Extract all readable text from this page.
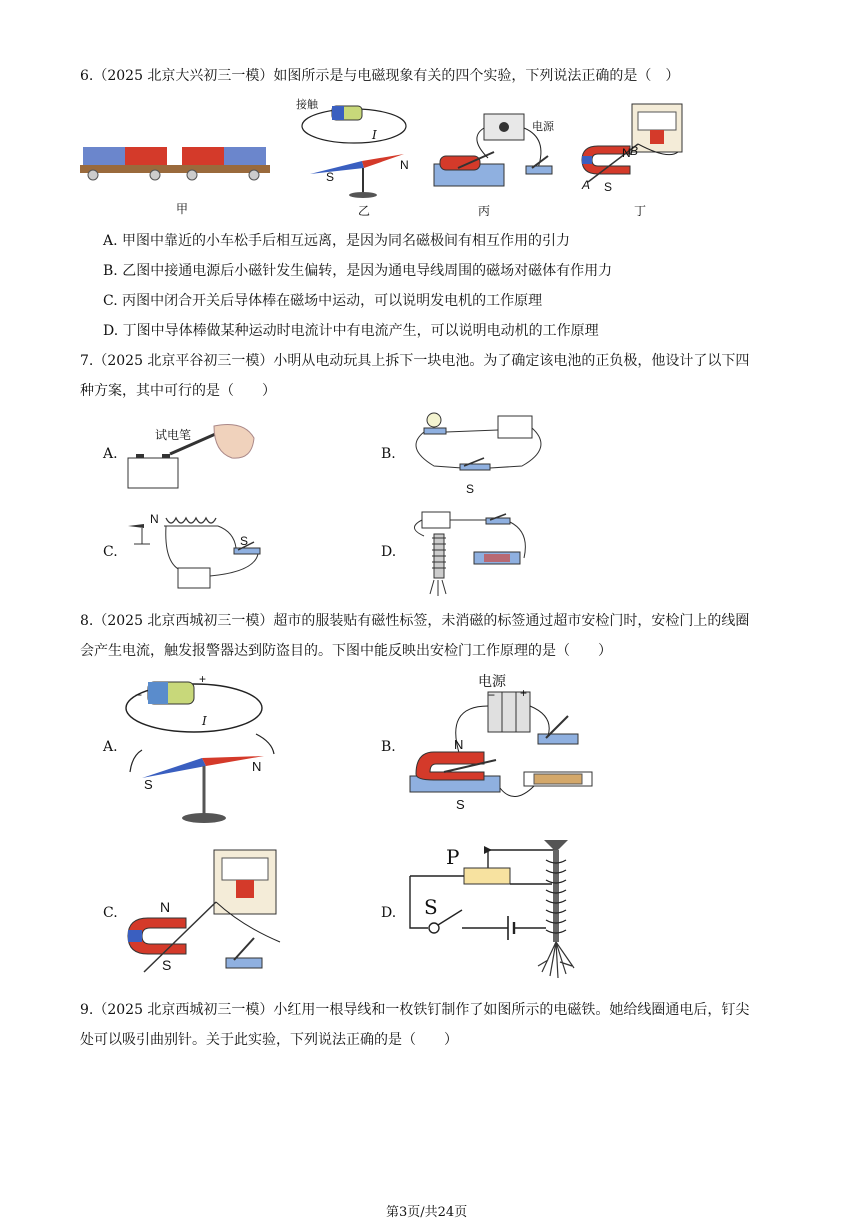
6.（2025 北京大兴初三一模）如图所示是与电磁现象有关的四个实验，下列说法正确的是（　）
甲
接触
I
S
N
乙
电源
丙
N B
A S
丁
A. 甲图中靠近的小车松手后相互远离，是因为同名磁极间有相互作用的引力
B. 乙图中接通电源后小磁针发生偏转，是因为通电导线周围的磁场对磁体有作用力
C. 丙图中闭合开关后导体棒在磁场中运动，可以说明发电机的工作原理
D. 丁图中导体棒做某种运动时电流计中有电流产生，可以说明电动机的工作原理
7.（2025 北京平谷初三一模）小明从电动玩具上拆下一块电池。为了确定该电池的正负极，他设计了以下四
种方案，其中可行的是（　　）
A.
试电笔
B.
S
C.
N
S
D.
8.（2025 北京西城初三一模）超市的服装贴有磁性标签，未消磁的标签通过超市安检门时，安检门上的线圈
会产生电流，触发报警器达到防盗目的。下图中能反映出安检门工作原理的是（　　）
A.
−
+
I
S
N
B.
电源
− +
N
S
C.	N
S
D.
P
S
9.（2025 北京西城初三一模）小红用一根导线和一枚铁钉制作了如图所示的电磁铁。她给线圈通电后，钉尖
处可以吸引曲别针。关于此实验，下列说法正确的是（　　）
第3页/共24页
